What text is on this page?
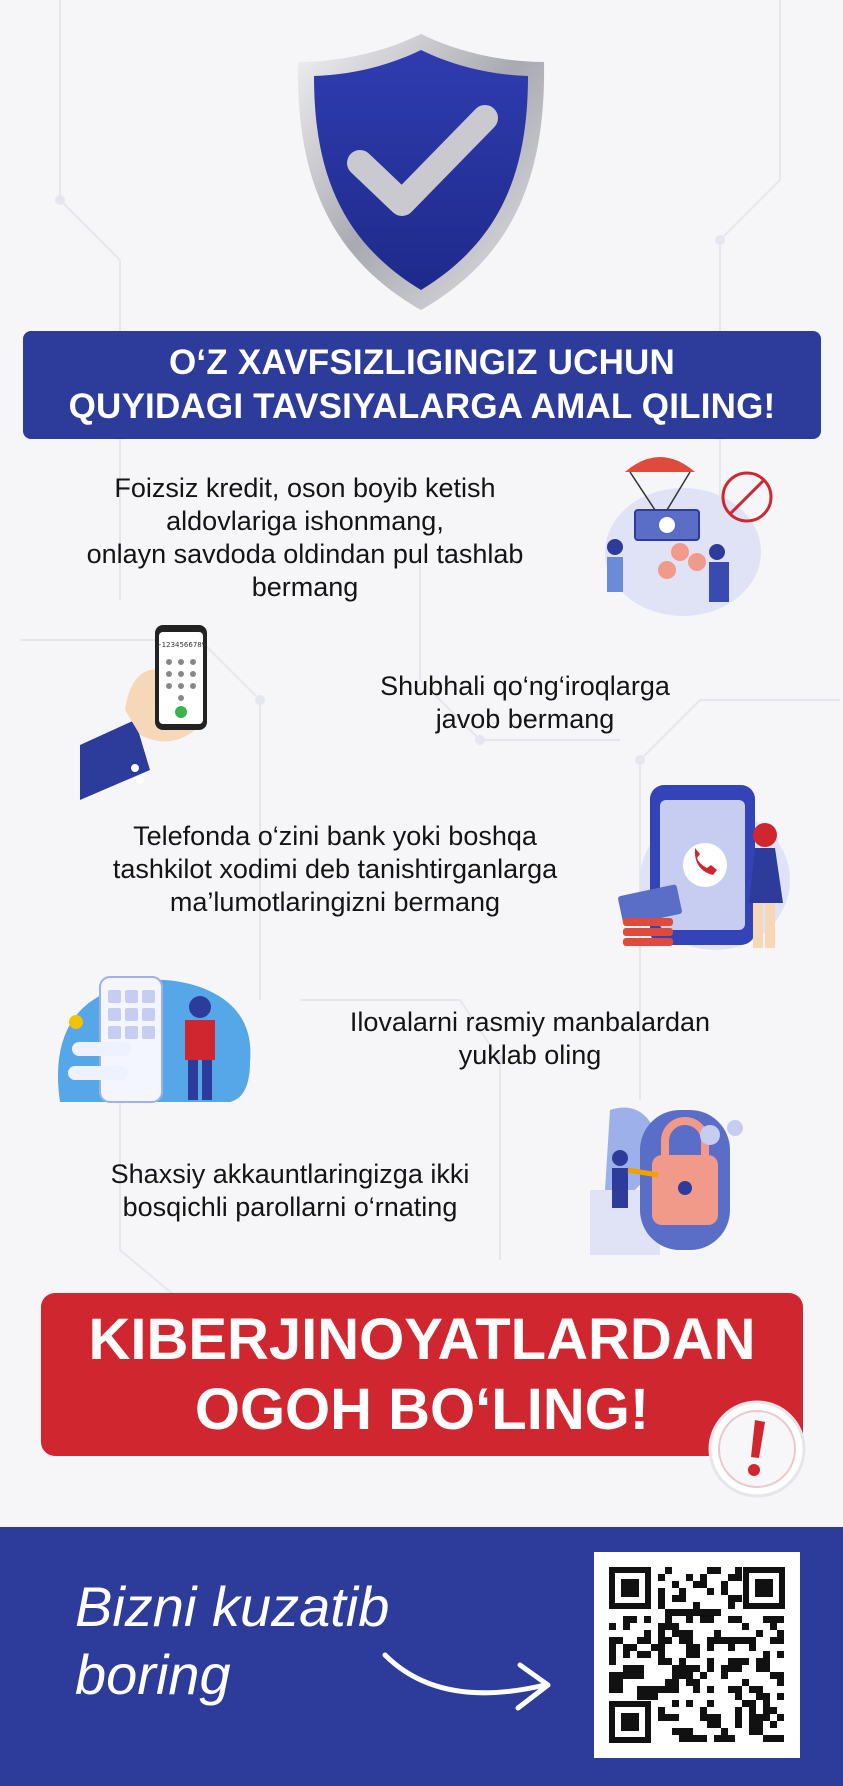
O‘Z XAVFSIZLIGINGIZ UCHUN
QUYIDAGI TAVSIYALARGA AMAL QILING!
Foizsiz kredit, oson boyib ketish
aldovlariga ishonmang,
onlayn savdoda oldindan pul tashlab
bermang
+1234566789
Shubhali qo‘ng‘iroqlarga
javob bermang
Telefonda o‘zini bank yoki boshqa
tashkilot xodimi deb tanishtirganlarga
ma’lumotlaringizni bermang
Ilovalarni rasmiy manbalardan
yuklab oling
Shaxsiy akkauntlaringizga ikki
bosqichli parollarni o‘rnating
KIBERJINOYATLARDAN
OGOH BO‘LING!
Bizni kuzatib
boring
